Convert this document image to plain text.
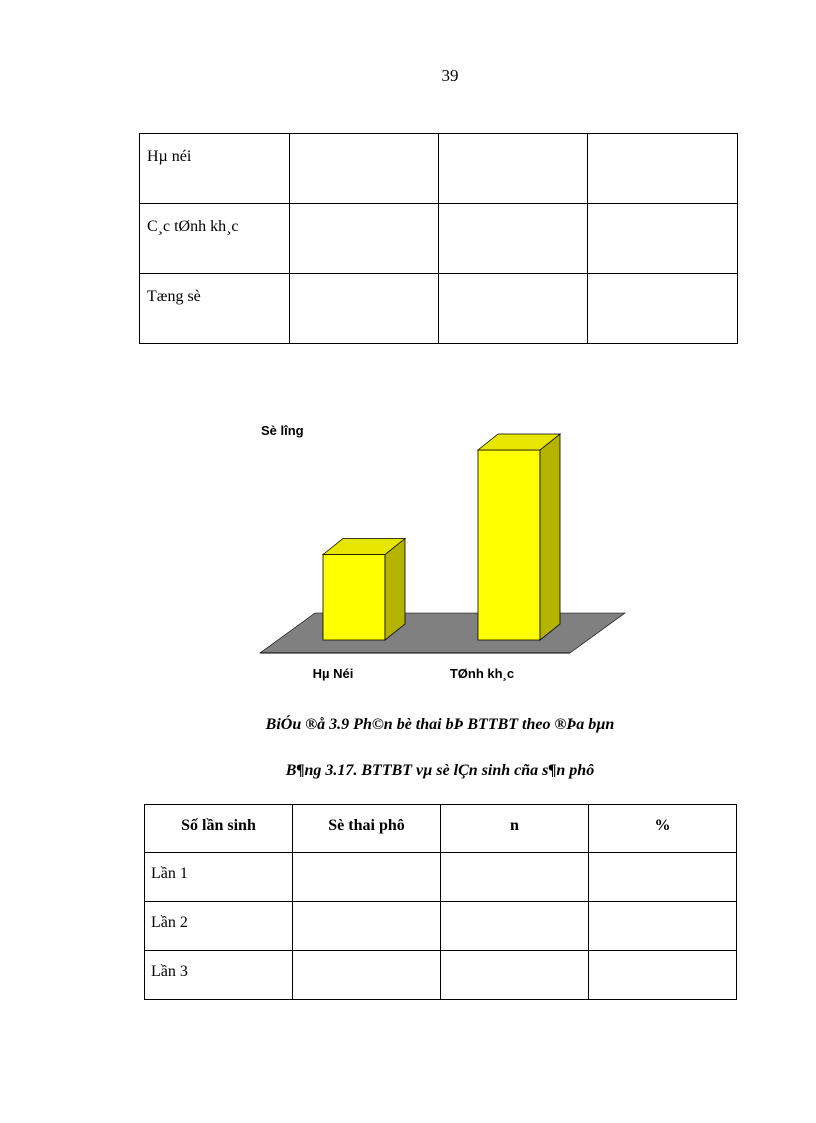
39
Hµ néi			

C¸c tØnh kh¸c			

Tæng sè			

Sè lîng
Hµ Néi	TØnh kh¸c
BiÓu ®å 3.9 Ph©n bè thai bÞ BTTBT theo ®Þa bµn
B¶ng 3.17. BTTBT vµ sè lÇn sinh cña s¶n phô
Số lần sinh	Sè thai phô	n	%

Lần 1			

Lần 2			

Lần 3			
